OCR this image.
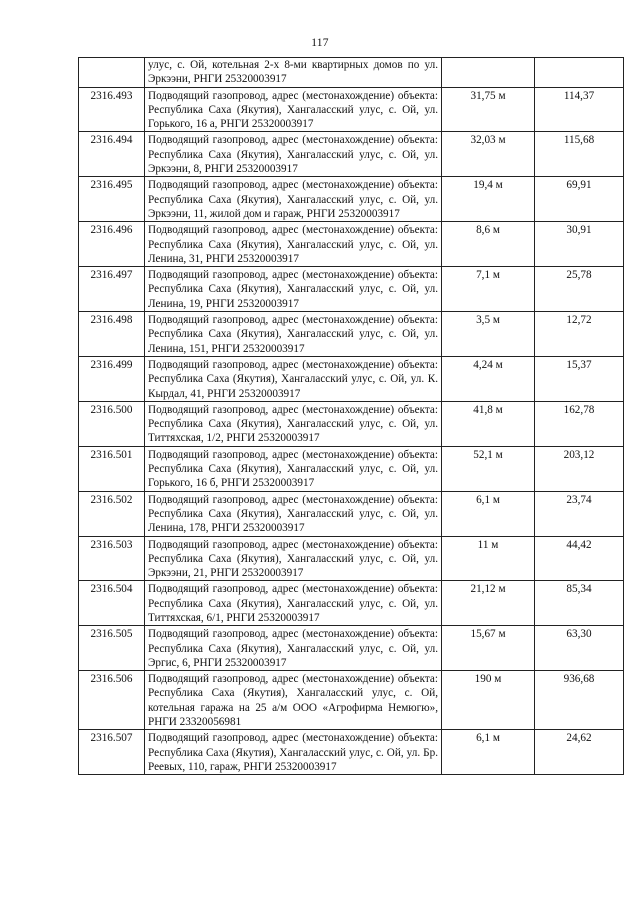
117
	улус, с. Ой, котельная 2-х 8-ми квартирных домов по ул. Эркээни, РНГИ 25320003917		
2316.493	Подводящий газопровод, адрес (местонахождение) объекта: Республика Саха (Якутия), Хангаласский улус, с. Ой, ул. Горького, 16 а, РНГИ 25320003917	31,75 м	114,37
2316.494	Подводящий газопровод, адрес (местонахождение) объекта: Республика Саха (Якутия), Хангаласский улус, с. Ой, ул. Эркээни, 8, РНГИ 25320003917	32,03 м	115,68
2316.495	Подводящий газопровод, адрес (местонахождение) объекта: Республика Саха (Якутия), Хангаласский улус, с. Ой, ул. Эркээни, 11, жилой дом и гараж, РНГИ 25320003917	19,4 м	69,91
2316.496	Подводящий газопровод, адрес (местонахождение) объекта: Республика Саха (Якутия), Хангаласский улус, с. Ой, ул. Ленина, 31, РНГИ 25320003917	8,6 м	30,91
2316.497	Подводящий газопровод, адрес (местонахождение) объекта: Республика Саха (Якутия), Хангаласский улус, с. Ой, ул. Ленина, 19, РНГИ 25320003917	7,1 м	25,78
2316.498	Подводящий газопровод, адрес (местонахождение) объекта: Республика Саха (Якутия), Хангаласский улус, с. Ой, ул. Ленина, 151, РНГИ 25320003917	3,5 м	12,72
2316.499	Подводящий газопровод, адрес (местонахождение) объекта: Республика Саха (Якутия), Хангаласский улус, с. Ой, ул. К. Кырдал, 41, РНГИ 25320003917	4,24 м	15,37
2316.500	Подводящий газопровод, адрес (местонахождение) объекта: Республика Саха (Якутия), Хангаласский улус, с. Ой, ул. Титтяхская, 1/2, РНГИ 25320003917	41,8 м	162,78
2316.501	Подводящий газопровод, адрес (местонахождение) объекта: Республика Саха (Якутия), Хангаласский улус, с. Ой, ул. Горького, 16 б, РНГИ 25320003917	52,1 м	203,12
2316.502	Подводящий газопровод, адрес (местонахождение) объекта: Республика Саха (Якутия), Хангаласский улус, с. Ой, ул. Ленина, 178, РНГИ 25320003917	6,1 м	23,74
2316.503	Подводящий газопровод, адрес (местонахождение) объекта: Республика Саха (Якутия), Хангаласский улус, с. Ой, ул. Эркээни, 21, РНГИ 25320003917	11 м	44,42
2316.504	Подводящий газопровод, адрес (местонахождение) объекта: Республика Саха (Якутия), Хангаласский улус, с. Ой, ул. Титтяхская, 6/1, РНГИ 25320003917	21,12 м	85,34
2316.505	Подводящий газопровод, адрес (местонахождение) объекта: Республика Саха (Якутия), Хангаласский улус, с. Ой, ул. Эргис, 6, РНГИ 25320003917	15,67 м	63,30
2316.506	Подводящий газопровод, адрес (местонахождение) объекта: Республика Саха (Якутия), Хангаласский улус, с. Ой, котельная гаража на 25 а/м ООО «Агрофирма Немюгю», РНГИ 23320056981	190 м	936,68
2316.507	Подводящий газопровод, адрес (местонахождение) объекта: Республика Саха (Якутия), Хангаласский улус, с. Ой, ул. Бр. Реевых, 110, гараж, РНГИ 25320003917	6,1 м	24,62
